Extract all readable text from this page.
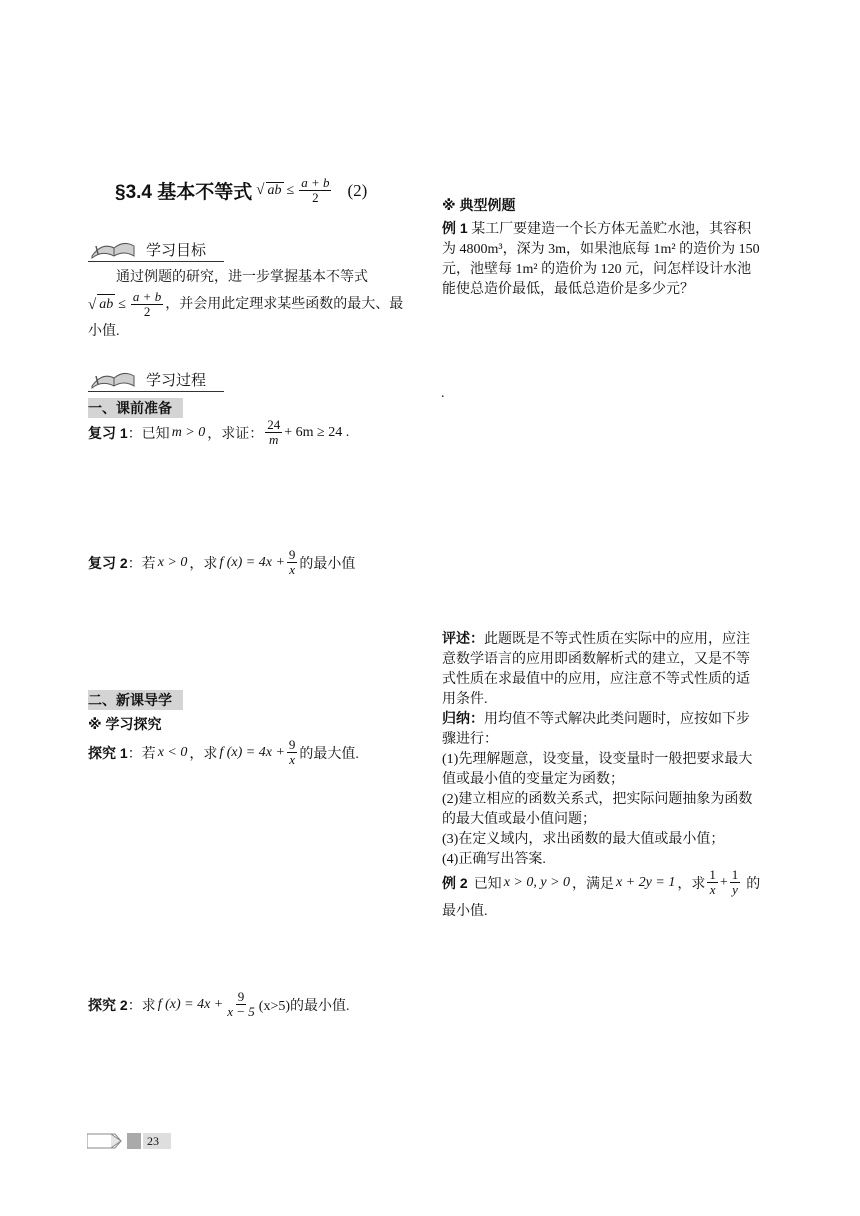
§3.4 基本不等式 √ ab ≤ $\frac{a + b}{2} (2)$
学习目标
通过例题的研究，进一步掌握基本不等式
√ ab ≤ $\frac{a + b}{2}$ ，并会用此定理求某些函数的最大、最
小值.
学习过程
一、课前准备
复习 1 ：已知 m > 0 ，求证： $\frac{24}{m} + 6m \ge 24$ .
复习 2 ：若 x > 0 ，求 f $(x) = 4x + \frac{9}{x}$ 的最小值
二、新课导学
※ 学习探究
探究 1 ：若 x < 0 ，求 f $(x) = 4x + \frac{9}{x}$ 的最大值.
探究 2 ：求 f $(x) = 4x + \frac{9}{x - 5} (x>5)$的最小值.
※ 典型例题
例 1 某工厂要建造一个长方体无盖贮水池，其容积
为 4800m³，深为 3m，如果池底每 1m² 的造价为 150
元，池壁每 1m² 的造价为 120 元，问怎样设计水池
能使总造价最低，最低总造价是多少元？
.
评述：此题既是不等式性质在实际中的应用，应注
意数学语言的应用即函数解析式的建立，又是不等
式性质在求最值中的应用，应注意不等式性质的适
用条件.
归纳：用均值不等式解决此类问题时，应按如下步
骤进行：
(1)先理解题意，设变量，设变量时一般把要求最大
值或最小值的变量定为函数；
(2)建立相应的函数关系式，把实际问题抽象为函数
的最大值或最小值问题；
(3)在定义域内，求出函数的最大值或最小值；
(4)正确写出答案.
例 2 已知 x > 0, y > 0 ，满足 x + 2y = 1 ，求 $\frac{1}{x} + \frac{1}{y}$ 的
最小值.
23
